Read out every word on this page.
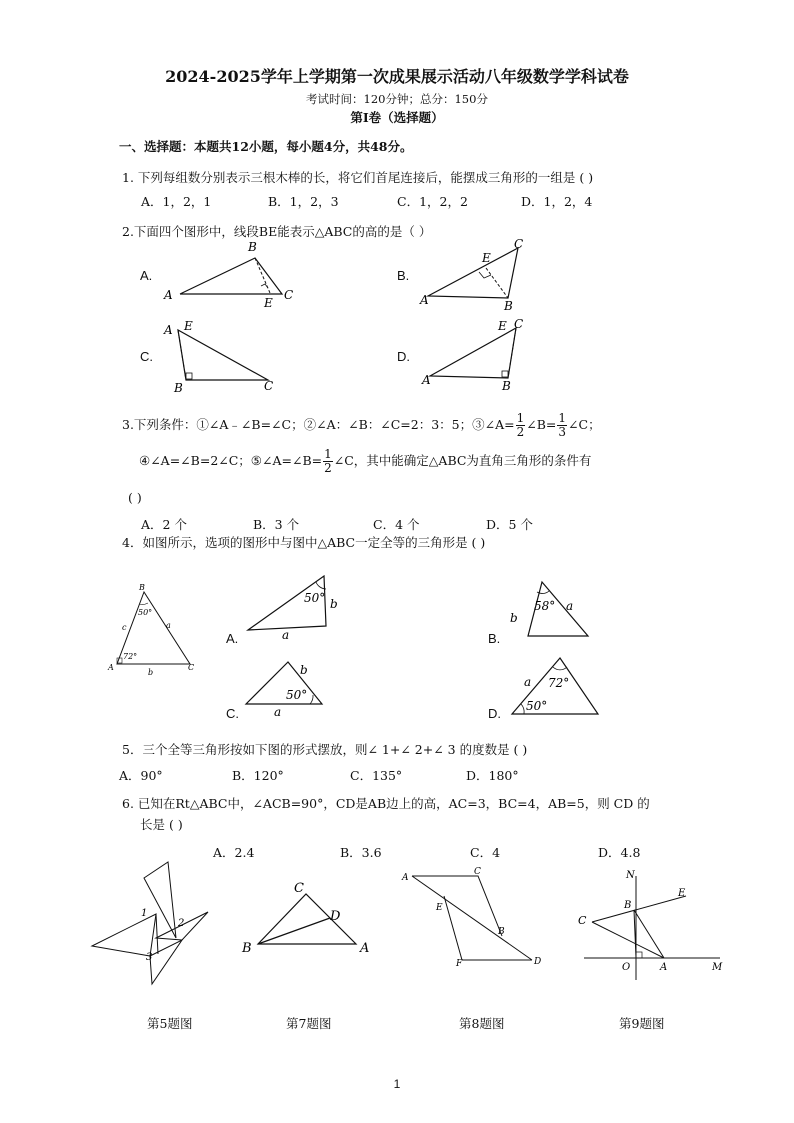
2024-2025学年上学期第一次成果展示活动八年级数学学科试卷
考试时间：120分钟；总分：150分
第Ⅰ卷（选择题）
一、选择题：本题共12小题，每小题4分，共48分。
1. 下列每组数分别表示三根木棒的长，将它们首尾连接后，能摆成三角形的一组是 ( )
A．1，2，1	B．1，2，3	C．1，2，2	D．1，2，4
2.下面四个图形中，线段BE能表示△ABC的高的是（ ）
A.	B.
C.	D.
B
A	C
E
C
E
A	B
A E
B	C
E C
A	B
3.下列条件：①∠A﹣∠B=∠C；②∠A：∠B：∠C=2：3：5；③∠A= $\frac{1}{2}$ ∠B= $\frac{1}{3}$ ∠C；
④∠A=∠B=2∠C；⑤∠A=∠B= $\frac{1}{2}$ ∠C，其中能确定△ABC为直角三角形的条件有
( )
A．2 个	B．3 个	C．4 个	D．5 个
4．如图所示，选项的图形中与图中△ABC一定全等的三角形是 ( )
B
50°
72°
c	a
b
A	C
A.
50° b
a	B.
58°
b
a
C.
50°
b
a	D.
72°
50°
a
5．三个全等三角形按如下图的形式摆放，则∠ 1+∠ 2+∠ 3 的度数是 ( )
A．90°	B．120°	C．135°	D．180°
6. 已知在Rt△ABC中，∠ACB=90°，CD是AB边上的高，AC=3，BC=4，AB=5，则 CD 的
长是 ( )
A．2.4	B．3.6	C．4	D．4.8
1
2
3
C
D
B	A
A
C
E
B
F	D
N
E
C
B
O	A	M
第5题图	第7题图	第8题图	第9题图
1
